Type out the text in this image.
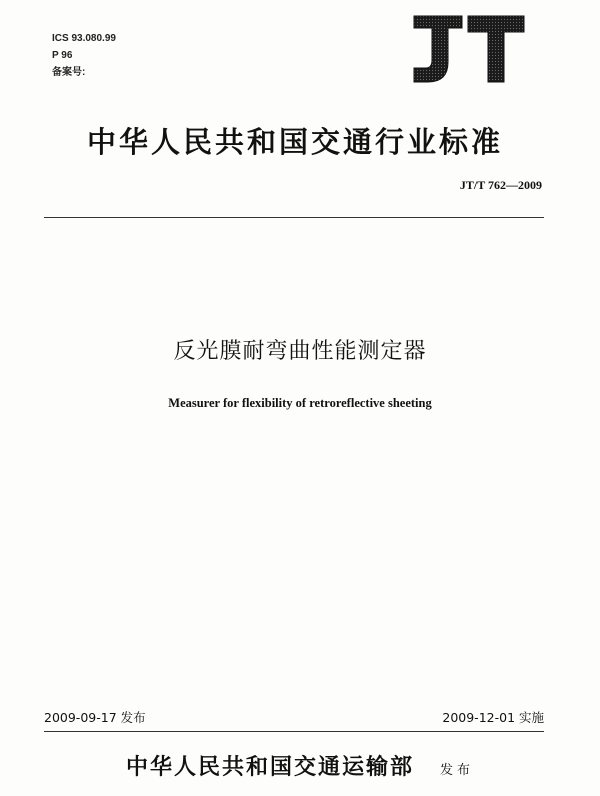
ICS 93.080.99
P 96
备案号:
中华人民共和国交通行业标准
JT/T 762—2009
反光膜耐弯曲性能测定器
Measurer for flexibility of retroreflective sheeting
2009-09-17 发布	2009-12-01 实施
中华人民共和国交通运输部 发布
